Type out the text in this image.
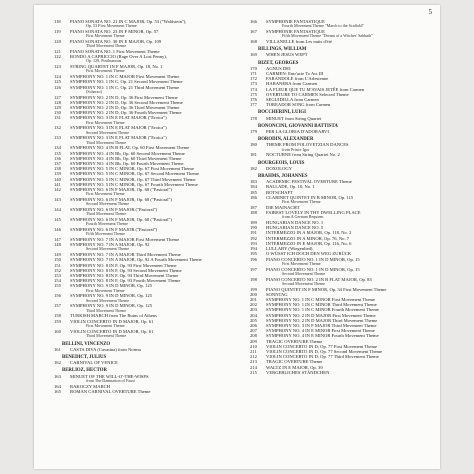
5
118	PIANO SONATA NO. 21 IN C MAJOR, Op. 53 ("Waldstein"),
Op. 53 First Movement Theme
119	PIANO SONATA NO. 23 IN F MINOR, Op. 57
First Movement Theme
120	PIANO SONATA NO. 30 IN E MAJOR, Op. 109
Third Movement Theme
121	PIANO SONATA NO. 1 First Movement Theme
122	RONDO A CAPRICCIO (Rage Over A Lost Penny),
Op. 129, Posthumous
123	STRING QUARTET IN F MAJOR, Op. 18, No. 1
First Movement Theme
124	SYMPHONY NO. 1 IN C MAJOR First Movement Theme
125	SYMPHONY NO. 1 IN C, Op. 21 Second Movement Theme
126	SYMPHONY NO. 1 IN C, Op. 21 Third Movement Theme
(Scherzo)
127	SYMPHONY NO. 2 IN D, Op. 36 First Movement Theme
128	SYMPHONY NO. 2 IN D, Op. 36 Second Movement Theme
129	SYMPHONY NO. 2 IN D, Op. 36 Third Movement Theme
130	SYMPHONY NO. 2 IN D, Op. 36 Fourth Movement Theme
131	SYMPHONY NO. 3 IN E FLAT MAJOR ("Eroica")
First Movement Theme
132	SYMPHONY NO. 3 IN E FLAT MAJOR ("Eroica")
Second Movement Theme
133	SYMPHONY NO. 3 IN E FLAT MAJOR ("Eroica")
Third Movement Theme
134	SYMPHONY NO. 4 IN B FLAT, Op. 60 First Movement Theme
135	SYMPHONY NO. 4 IN Bb, Op. 60 Second Movement Theme
136	SYMPHONY NO. 4 IN Bb, Op. 60 Third Movement Theme
137	SYMPHONY NO. 4 IN Bb, Op. 60 Fourth Movement Theme
138	SYMPHONY NO. 5 IN C MINOR, Op. 67 First Movement Theme
139	SYMPHONY NO. 5 IN C MINOR, Op. 67 Second Movement Theme
140	SYMPHONY NO. 5 IN C MINOR, Op. 67 Third Movement Theme
141	SYMPHONY NO. 5 IN C MINOR, Op. 67 Fourth Movement Theme
142	SYMPHONY NO. 6 IN F MAJOR, Op. 68 ("Pastoral")
First Movement Theme
143	SYMPHONY NO. 6 IN F MAJOR, Op. 68 ("Pastoral")
Second Movement Theme
144	SYMPHONY NO. 6 IN F MAJOR ("Pastoral")
Third Movement Theme
145	SYMPHONY NO. 6 IN F MAJOR, Op. 68 ("Pastoral")
Fourth Movement Theme
146	SYMPHONY NO. 6 IN F MAJOR ("Pastoral")
Fifth Movement Theme
147	SYMPHONY NO. 7 IN A MAJOR First Movement Theme
148	SYMPHONY NO. 7 IN A MAJOR, Op. 92
Second Movement Theme
149	SYMPHONY NO. 7 IN A MAJOR Third Movement Theme
150	SYMPHONY NO. 7 IN A MAJOR, Op. 92 A Fourth Movement Theme
151	SYMPHONY NO. 8 IN F, Op. 93 First Movement Theme
152	SYMPHONY NO. 8 IN F, Op. 93 Second Movement Theme
153	SYMPHONY NO. 8 IN F, Op. 93 Third Movement Theme
154	SYMPHONY NO. 8 IN F, Op. 93 Fourth Movement Theme
155	SYMPHONY NO. 9 IN D MINOR, Op. 125
First Movement Theme
156	SYMPHONY NO. 9 IN D MINOR, Op. 125
Second Movement Theme
157	SYMPHONY NO. 9 IN D MINOR, Op. 125
Third Movement Theme
158	TURKISH MARCH from The Ruins of Athens
159	VIOLIN CONCERTO IN D MAJOR, Op. 61
First Movement Theme
160	VIOLIN CONCERTO IN D MAJOR, Op. 61
Third Movement Theme
BELLINI, VINCENZO
161	CASTA DIVA (Cavatina) from Norma
BENEDICT, JULIUS
162	CARNIVAL OF VENICE
BERLIOZ, HECTOR
163	MINUET OF THE WILL-O'-THE-WISPS
from The Damnation of Faust
164	RAKOCZY MARCH
165	ROMAN CARNIVAL OVERTURE Theme
166	SYMPHONIE FANTASTIQUE
Fourth Movement Theme "March to the Scaffold"
167	SYMPHONIE FANTASTIQUE
Fifth Movement Theme "Dream of a Witches' Sabbath"
168	VILLANELLE from Les nuits d'été
BILLINGS, WILLIAM
169	WHEN JESUS WEPT
BIZET, GEORGES
170	AGNUS DEI
171	CARMEN: Entr'acte To Act III
172	FARANDOLE from L'Arlesienne
173	HABANERA from Carmen
174	LA FLEUR QUE TU M'AVAIS JETÉE from Carmen
175	OVERTURE TO CARMEN Selected Theme
176	SEGUIDILLA from Carmen
177	TOREADOR SONG from Carmen
BOCCHERINI, LUIGI
178	MINUET from String Quartet
BONONCINI, GIOVANNI BATTISTA
179	PER LA GLORIA D'ADORARVI
BORODIN, ALEXANDER
180	THEME FROM POLOVETZIAN DANCES
from Prince Igor
181	NOCTURNE from String Quartet No. 2
BOURGEOIS, LOUIS
182	DOXOLOGY
BRAHMS, JOHANNES
183	ACADEMIC FESTIVAL OVERTURE Theme
184	BALLADE, Op. 10, No. 1
185	BOTSCHAFT
186	CLARINET QUINTET IN B MINOR, Op. 115
First Movement Theme
187	DIE MAINACHT
188	FAIREST LOVELY IN THY DWELLING PLACE
from A German Requiem
189	HUNGARIAN DANCE NO. 1
190	HUNGARIAN DANCE NO. 5
191	INTERMEZZO IN A MAJOR, Op. 118, No. 2
192	INTERMEZZO IN A MINOR, Op. 76, No. 7
193	INTERMEZZO IN E MAJOR, Op. 116, No. 6
194	LULLABY (Wiegenlied)
195	O WÜSST ICH DOCH DEN WEG ZURÜCK
196	PIANO CONCERTO NO. 1 IN D MINOR, Op. 15
First Movement Theme
197	PIANO CONCERTO NO. 1 IN D MINOR, Op. 15
Second Movement Theme
198	PIANO CONCERTO NO. 2 IN B FLAT MAJOR, Op. 83
Second Movement Theme
199	PIANO QUINTET IN F MINOR, Op. 34 First Movement Theme
200	SONNTAG
201	SYMPHONY NO. 1 IN C MINOR First Movement Theme
202	SYMPHONY NO. 1 IN C MINOR Third Movement Theme
203	SYMPHONY NO. 1 IN C MINOR Fourth Movement Theme
204	SYMPHONY NO. 2 IN D MAJOR First Movement Theme
205	SYMPHONY NO. 2 IN D MAJOR Third Movement Theme
206	SYMPHONY NO. 3 IN F MAJOR Third Movement Theme
207	SYMPHONY NO. 4 IN E MINOR First Movement Theme
208	SYMPHONY NO. 4 IN E MINOR Fourth Movement Theme
209	TRAGIC OVERTURE Theme
210	VIOLIN CONCERTO IN D, Op. 77 First Movement Theme
211	VIOLIN CONCERTO IN D, Op. 77 Second Movement Theme
212	VIOLIN CONCERTO IN D, Op. 77 Third Movement Theme
213	TRAGIC OVERTURE Theme
214	WALTZ IN E MAJOR, Op. 39
215	VERGEBLICHES STÄNDCHEN
